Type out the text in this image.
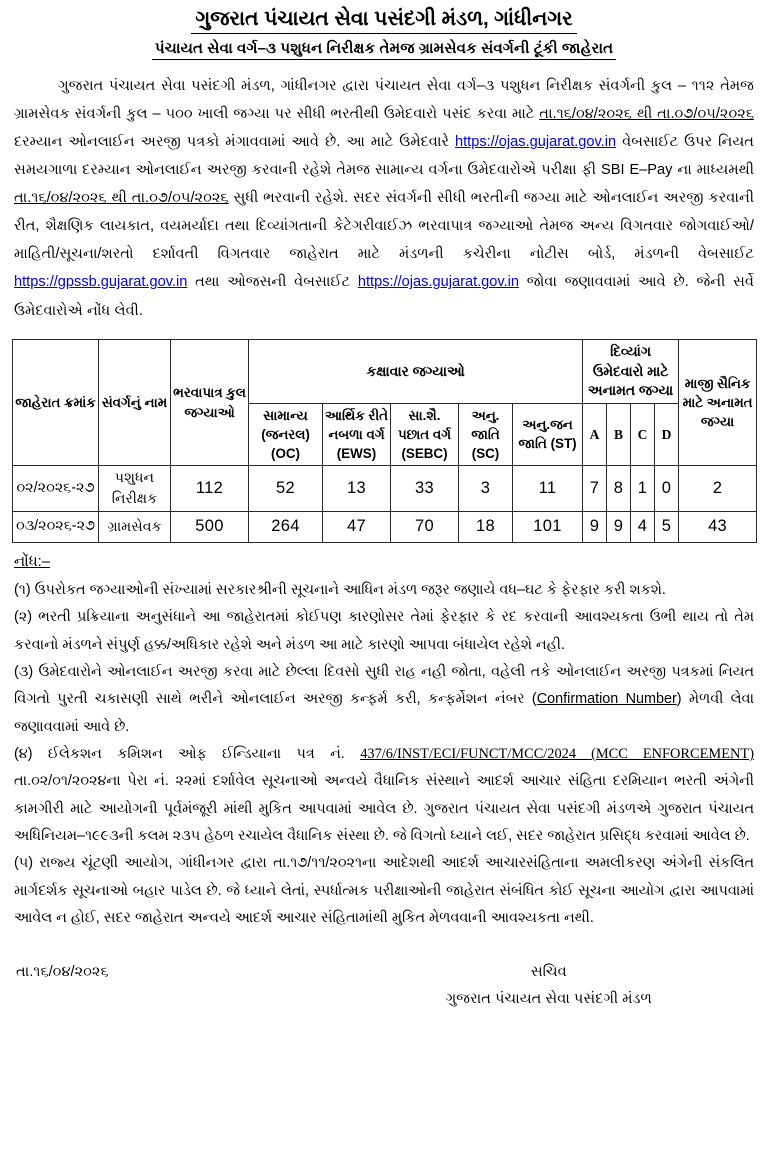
ગુજરાત પંચાયત સેવા પસંદગી મંડળ, ગાંધીનગર
પંચાયત સેવા વર્ગ–૩ પશુધન નિરીક્ષક તેમજ ગ્રામસેવક સંવર્ગની ટૂંકી જાહેરાત

ગુજરાત પંચાયત સેવા પસંદગી મંડળ, ગાંધીનગર દ્વારા પંચાયત સેવા વર્ગ–૩ પશુધન નિરીક્ષક સંવર્ગની કુલ – ૧૧૨ તેમજ ગ્રામસેવક સંવર્ગની કુલ – ૫૦૦ ખાલી જગ્યા પર સીધી ભરતીથી ઉમેદવારો પસંદ કરવા માટે તા.૧૬/૦૪/૨૦૨૬ થી તા.૦૭/૦૫/૨૦૨૬ દરમ્યાન ઓનલાઈન અરજી પત્રકો મંગાવવામાં આવે છે. આ માટે ઉમેદવારે https://ojas.gujarat.gov.in વેબસાઈટ ઉપર નિયત સમયગાળા દરમ્યાન ઓનલાઈન અરજી કરવાની રહેશે તેમજ સામાન્ય વર્ગના ઉમેદવારોએ પરીક્ષા ફી SBI E–Pay ના માધ્યમથી તા.૧૬/૦૪/૨૦૨૬ થી તા.૦૭/૦૫/૨૦૨૬ સુધી ભરવાની રહેશે. સદર સંવર્ગની સીધી ભરતીની જગ્યા માટે ઓનલાઈન અરજી કરવાની રીત, શૈક્ષણિક લાયકાત, વયમર્યાદા તથા દિવ્યાંગતાની કેટેગરીવાઈઝ ભરવાપાત્ર જગ્યાઓ તેમજ અન્ય વિગતવાર જોગવાઈઓ/માહિતી/સૂચના/શરતો દર્શાવતી વિગતવાર જાહેરાત માટે મંડળની કચેરીના નોટીસ બોર્ડ, મંડળની વેબસાઈટ https://gpssb.gujarat.gov.in તથા ઓજસની વેબસાઈટ https://ojas.gujarat.gov.in જોવા જણાવવામાં આવે છે. જેની સર્વે ઉમેદવારોએ નોંધ લેવી.

જાહેરાત ક્રમાંક	સંવર્ગનું નામ	ભરવાપાત્ર કુલ જગ્યાઓ	કક્ષાવાર જગ્યાઓ					દિવ્યાંગ ઉમેદવારો માટે અનામત જગ્યા				માજી સૈનિક માટે અનામત જગ્યા
			સામાન્ય (જનરલ) (OC)	આર્થિક રીતે નબળા વર્ગ (EWS)	સા.શૈ. પછાત વર્ગ (SEBC)	અનુ. જાતિ (SC)	અનુ.જન જાતિ (ST)	A	B	C	D	

૦૨/૨૦૨૬-૨૭	પશુધન નિરીક્ષક	112	52	13	33	3	11	7	8	1	0	2
૦૩/૨૦૨૬-૨૭	ગ્રામસેવક	500	264	47	70	18	101	9	9	4	5	43
નોંધ:–

(૧) ઉપરોકત જગ્યાઓની સંખ્યામાં સરકારશ્રીની સૂચનાને આધિન મંડળ જરૂર જણાયે વધ–ઘટ કે ફેરફાર કરી શકશે.

(૨) ભરતી પ્રક્રિયાના અનુસંધાને આ જાહેરાતમાં કોઈપણ કારણોસર તેમાં ફેરફાર કે રદ કરવાની આવશ્યકતા ઉભી થાય તો તેમ કરવાનો મંડળને સંપુર્ણ હક્ક/અધિકાર રહેશે અને મંડળ આ માટે કારણો આપવા બંધાયેલ રહેશે નહી.

(૩) ઉમેદવારોને ઓનલાઈન અરજી કરવા માટે છેલ્લા દિવસો સુધી રાહ નહી જોતા, વહેલી તકે ઓનલાઈન અરજી પત્રકમાં નિયત વિગતો પુરતી ચકાસણી સાથે ભરીને ઓનલાઈન અરજી કન્ફર્મ કરી, કન્ફર્મેશન નંબર (Confirmation Number) મેળવી લેવા જણાવવામાં આવે છે.

(૪) ઈલેકશન કમિશન ઓફ ઈન્ડિયાના પત્ર નં. 437/6/INST/ECI/FUNCT/MCC/2024 (MCC ENFORCEMENT) તા.૦૨/૦૧/૨૦૨૪ના પેરા નં. ૨૨માં દર્શાવેલ સૂચનાઓ અન્વયે વૈધાનિક સંસ્થાને આદર્શ આચાર સંહિતા દરમિયાન ભરતી અંગેની કામગીરી માટે આયોગની પૂર્વમંજૂરી માંથી મુકિત આપવામાં આવેલ છે. ગુજરાત પંચાયત સેવા પસંદગી મંડળએ ગુજરાત પંચાયત અધિનિયમ–૧૯૯૩ની કલમ ૨૩૫ હેઠળ રચાયેલ વૈધાનિક સંસ્થા છે. જે વિગતો ધ્યાને લઈ, સદર જાહેરાત પ્રસિદ્ધ કરવામાં આવેલ છે.

(૫) રાજ્ય ચૂંટણી આયોગ, ગાંધીનગર દ્વારા તા.૧૭/૧૧/૨૦૨૧ના આદેશથી આદર્શ આચારસંહિતાના અમલીકરણ અંગેની સંકલિત માર્ગદર્શક સૂચનાઓ બહાર પાડેલ છે. જે ધ્યાને લેતાં, સ્પર્ધાત્મક પરીક્ષાઓની જાહેરાત સંબંધિત કોઈ સૂચના આયોગ દ્વારા આપવામાં આવેલ ન હોઈ, સદર જાહેરાત અન્વયે આદર્શ આચાર સંહિતામાંથી મુકિત મેળવવાની આવશ્યકતા નથી.

તા.૧૬/૦૪/૨૦૨૬	સચિવ
ગુજરાત પંચાયત સેવા પસંદગી મંડળ
